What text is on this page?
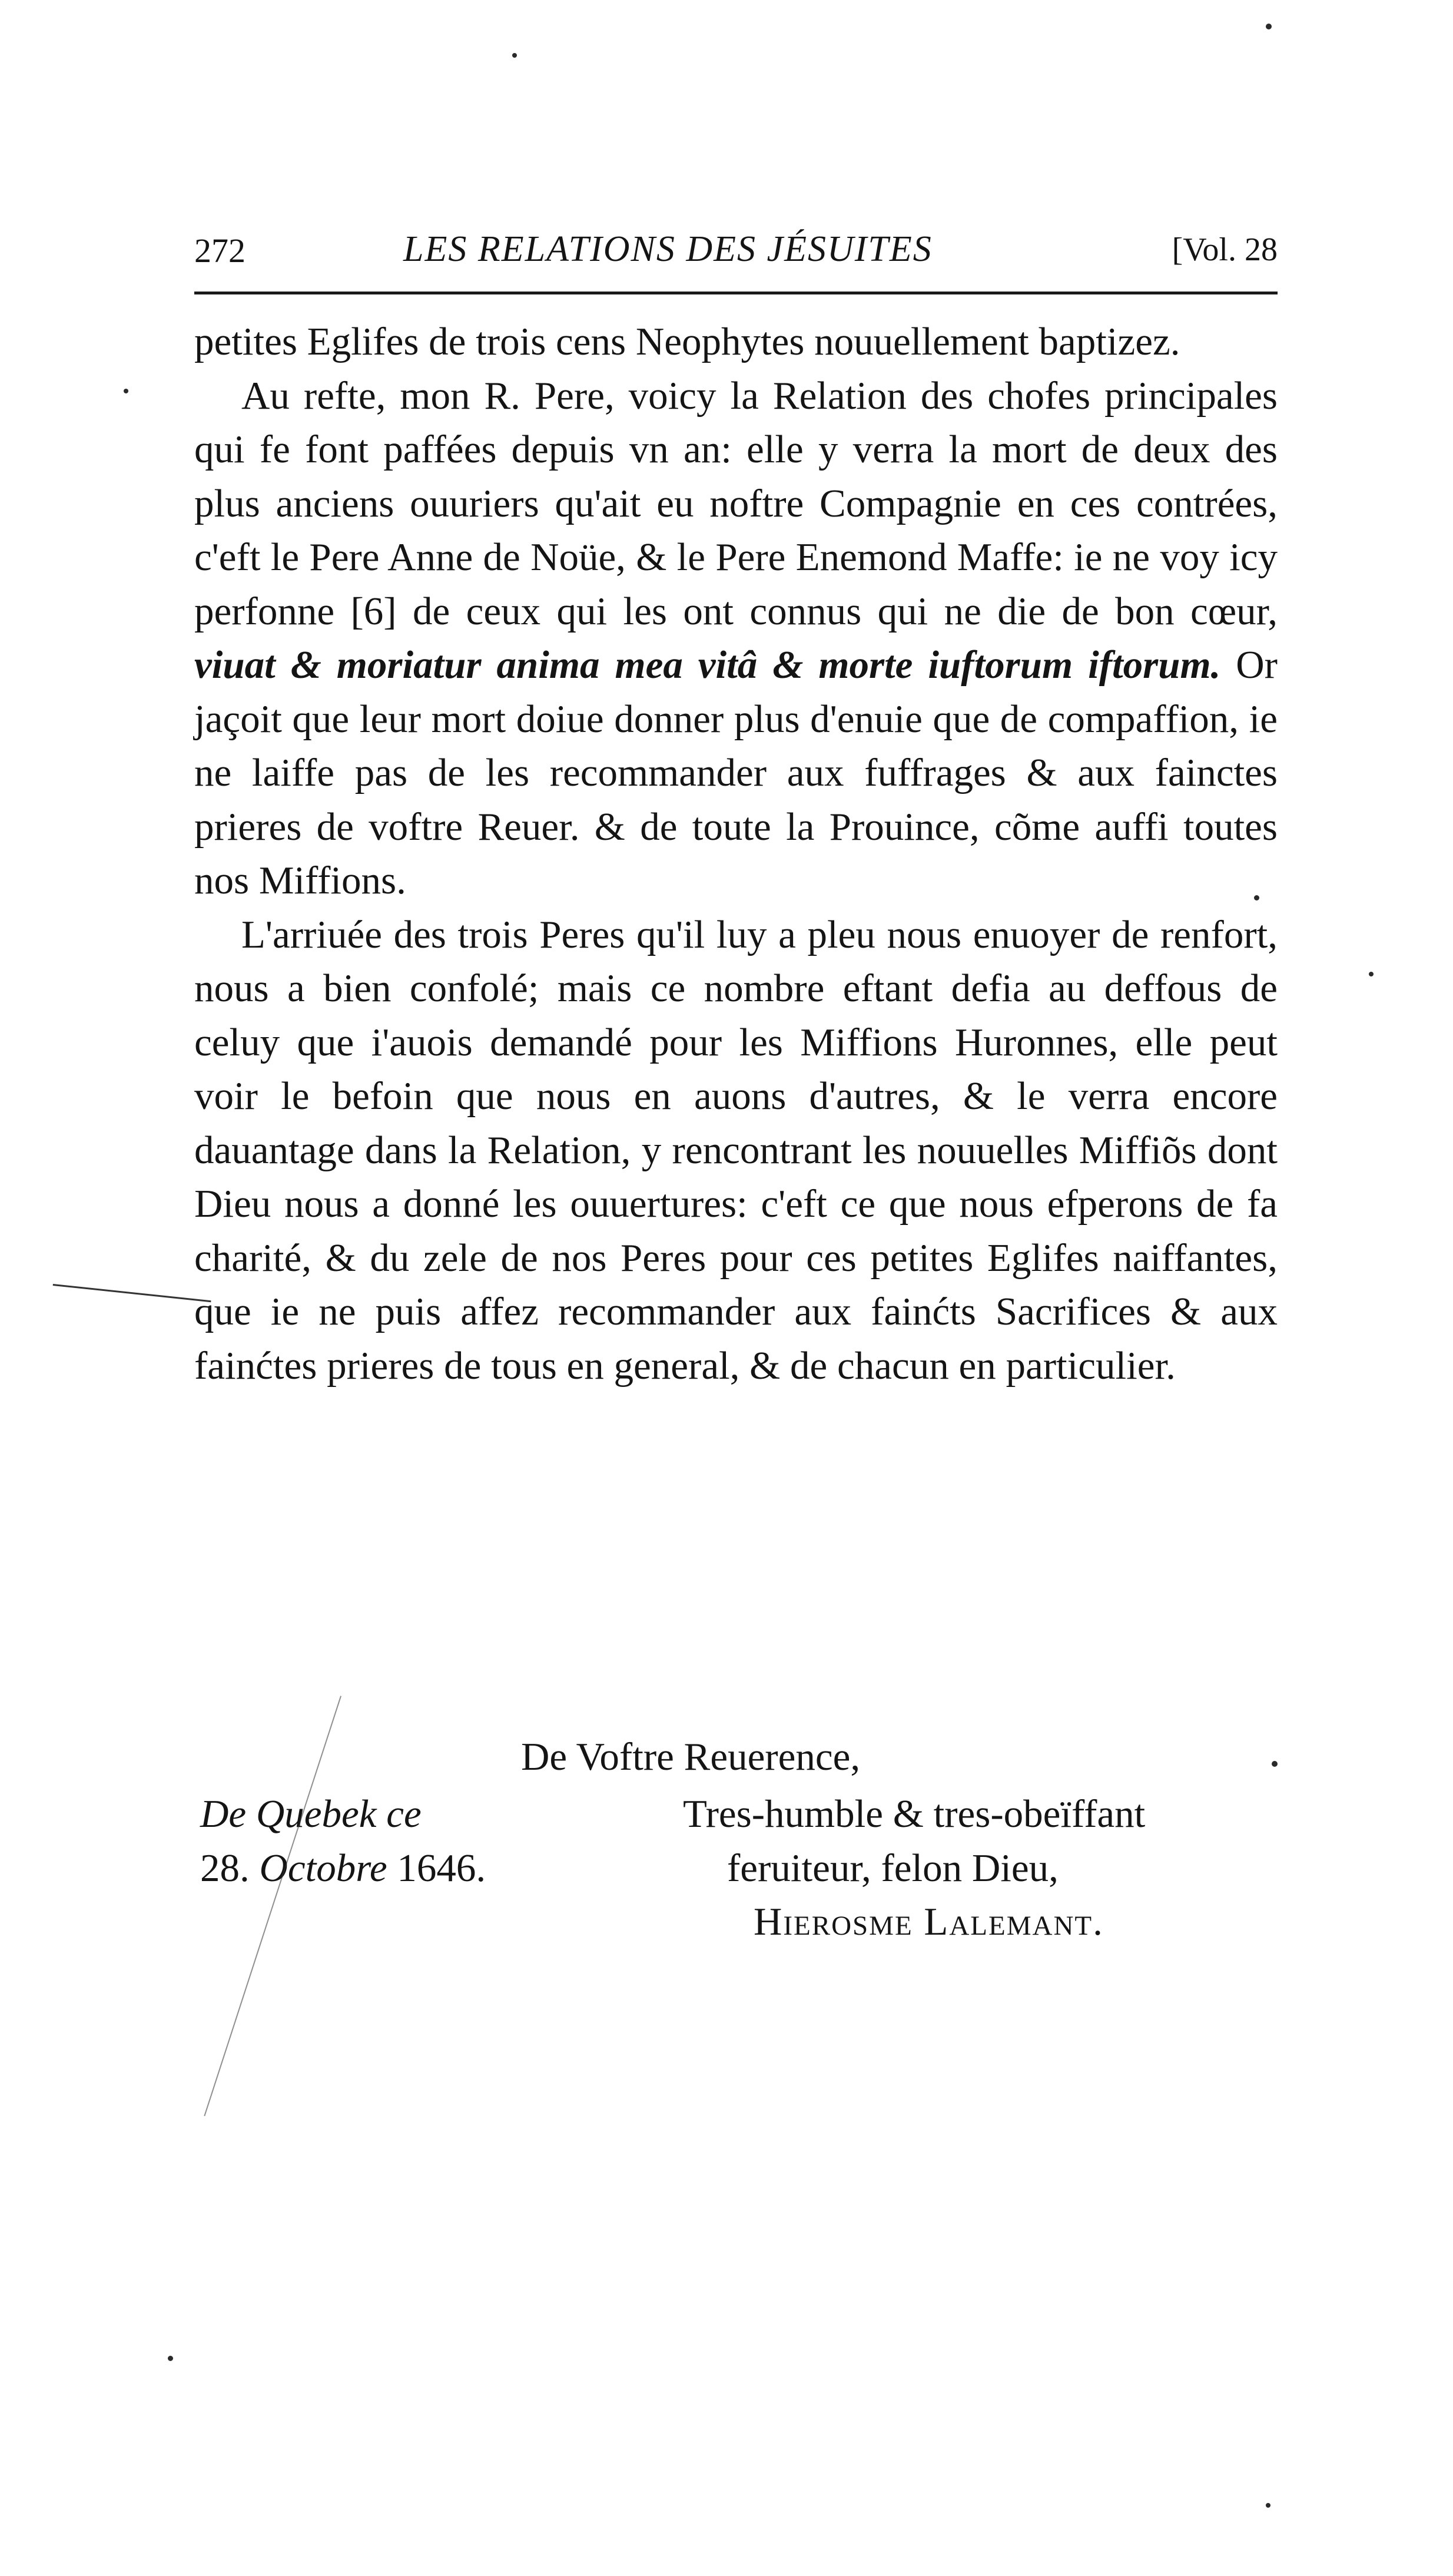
272	LES RELATIONS DES JÉSUITES	[Vol. 28

petites Eglifes de trois cens Neophytes nouuellement baptizez.

Au refte, mon R. Pere, voicy la Relation des chofes principales qui fe font paffées depuis vn an: elle y verra la mort de deux des plus anciens ouuriers qu'ait eu noftre Compagnie en ces contrées, c'eft le Pere Anne de Noüe, & le Pere Enemond Maffe: ie ne voy icy perfonne [6] de ceux qui les ont connus qui ne die de bon cœur, viuat & moriatur anima mea vitâ & morte iuftorum iftorum. Or jaçoit que leur mort doiue donner plus d'enuie que de compaffion, ie ne laiffe pas de les recommander aux fuffrages & aux fainctes prieres de voftre Reuer. & de toute la Prouince, cõme auffi toutes nos Miffions.

L'arriuée des trois Peres qu'il luy a pleu nous enuoyer de renfort, nous a bien confolé; mais ce nombre eftant defia au deffous de celuy que i'auois demandé pour les Miffions Huronnes, elle peut voir le befoin que nous en auons d'autres, & le verra encore dauantage dans la Relation, y rencontrant les nouuelles Miffiõs dont Dieu nous a donné les ouuertures: c'eft ce que nous efperons de fa charité, & du zele de nos Peres pour ces petites Eglifes naiffantes, que ie ne puis affez recommander aux fainćts Sacrifices & aux fainćtes prieres de tous en general, & de chacun en particulier.

De Voftre Reuerence,
De Quebek ce
28. Octobre 1646.
Tres-humble & tres-obeïffant
feruiteur, felon Dieu,
Hierosme Lalemant.
